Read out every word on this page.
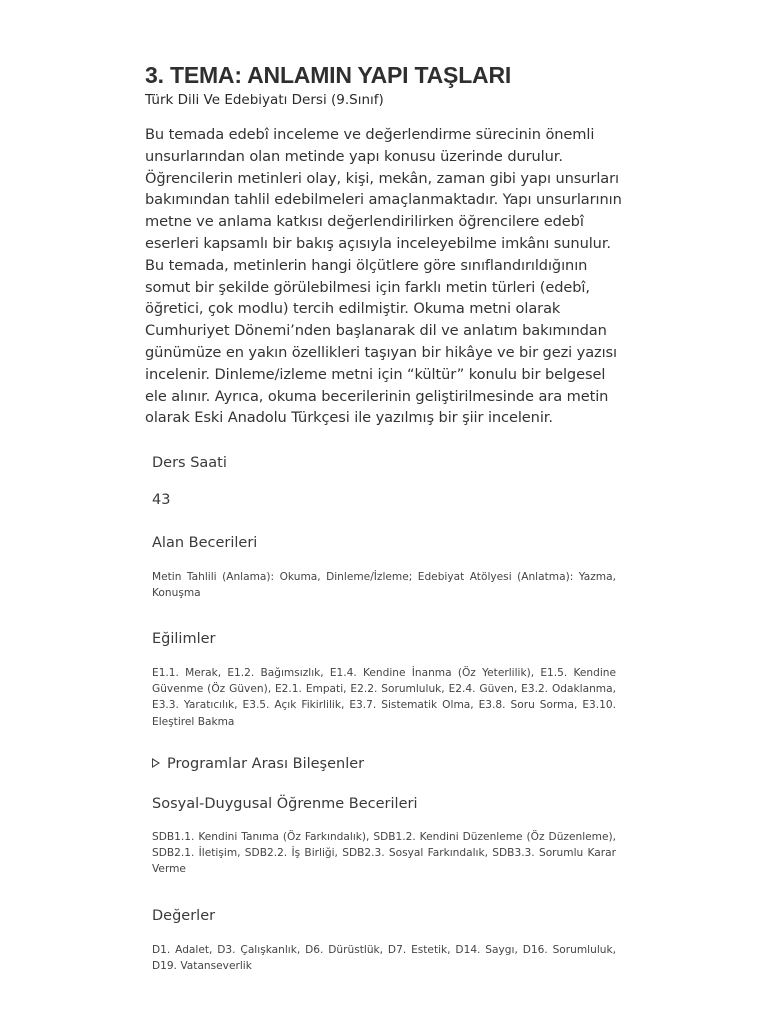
3. TEMA: ANLAMIN YAPI TAŞLARI

Türk Dili Ve Edebiyatı Dersi (9.Sınıf)

Bu temada edebî inceleme ve değerlendirme sürecinin önemli unsurlarından olan metinde yapı konusu üzerinde durulur. Öğrencilerin metinleri olay, kişi, mekân, zaman gibi yapı unsurları bakımından tahlil edebilmeleri amaçlanmaktadır. Yapı unsurlarının metne ve anlama katkısı değerlendirilirken öğrencilere edebî eserleri kapsamlı bir bakış açısıyla inceleyebilme imkânı sunulur. Bu temada, metinlerin hangi ölçütlere göre sınıflandırıldığının somut bir şekilde görülebilmesi için farklı metin türleri (edebî, öğretici, çok modlu) tercih edilmiştir. Okuma metni olarak Cumhuriyet Dönemi’nden başlanarak dil ve anlatım bakımından günümüze en yakın özellikleri taşıyan bir hikâye ve bir gezi yazısı incelenir. Dinleme/izleme metni için “kültür” konulu bir belgesel ele alınır. Ayrıca, okuma becerilerinin geliştirilmesinde ara metin olarak Eski Anadolu Türkçesi ile yazılmış bir şiir incelenir.

Ders Saati

43

Alan Becerileri

Metin Tahlili (Anlama): Okuma, Dinleme/İzleme; Edebiyat Atölyesi (Anlatma): Yazma, Konuşma

Eğilimler

E1.1. Merak, E1.2. Bağımsızlık, E1.4. Kendine İnanma (Öz Yeterlilik), E1.5. Kendine Güvenme (Öz Güven), E2.1. Empati, E2.2. Sorumluluk, E2.4. Güven, E3.2. Odaklanma, E3.3. Yaratıcılık, E3.5. Açık Fikirlilik, E3.7. Sistematik Olma, E3.8. Soru Sorma, E3.10. Eleştirel Bakma

Programlar Arası Bileşenler

Sosyal-Duygusal Öğrenme Becerileri

SDB1.1. Kendini Tanıma (Öz Farkındalık), SDB1.2. Kendini Düzenleme (Öz Düzenleme), SDB2.1. İletişim, SDB2.2. İş Birliği, SDB2.3. Sosyal Farkındalık, SDB3.3. Sorumlu Karar Verme

Değerler

D1. Adalet, D3. Çalışkanlık, D6. Dürüstlük, D7. Estetik, D14. Saygı, D16. Sorumluluk, D19. Vatanseverlik
